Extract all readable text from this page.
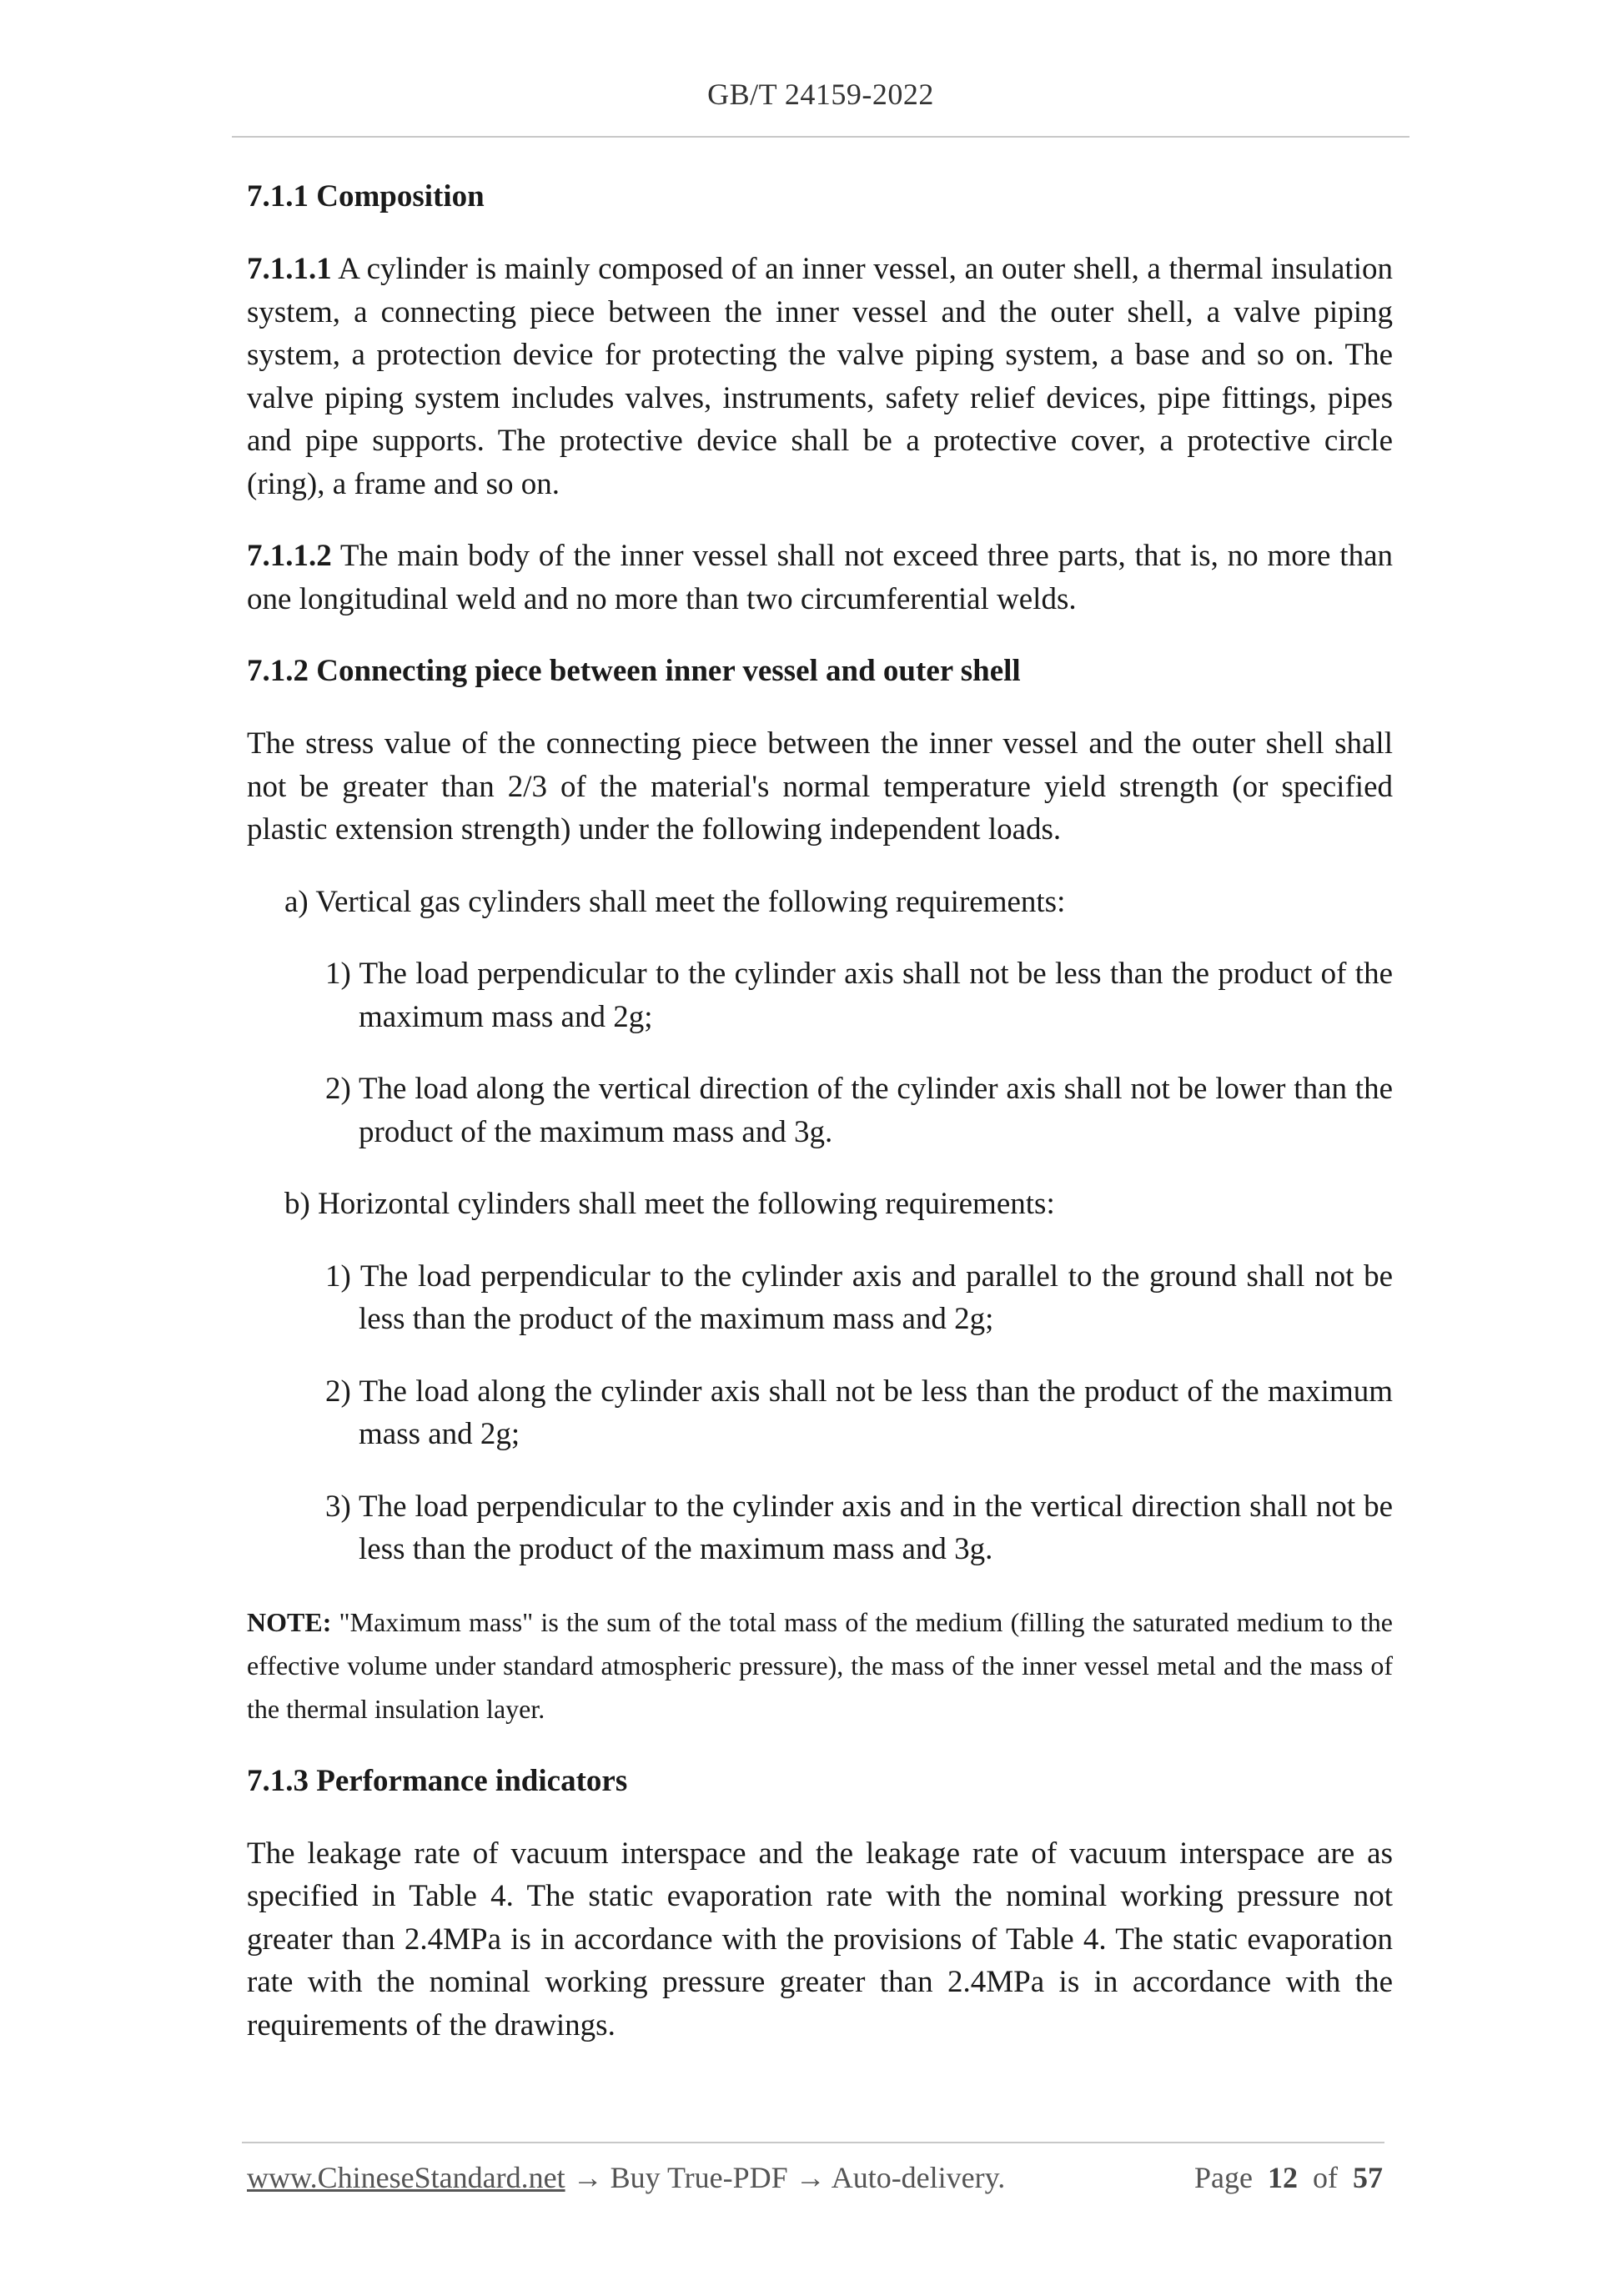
GB/T 24159-2022
7.1.1 Composition

7.1.1.1 A cylinder is mainly composed of an inner vessel, an outer shell, a thermal insulation system, a connecting piece between the inner vessel and the outer shell, a valve piping system, a protection device for protecting the valve piping system, a base and so on. The valve piping system includes valves, instruments, safety relief devices, pipe fittings, pipes and pipe supports. The protective device shall be a protective cover, a protective circle (ring), a frame and so on.

7.1.1.2 The main body of the inner vessel shall not exceed three parts, that is, no more than one longitudinal weld and no more than two circumferential welds.

7.1.2 Connecting piece between inner vessel and outer shell

The stress value of the connecting piece between the inner vessel and the outer shell shall not be greater than 2/3 of the material's normal temperature yield strength (or specified plastic extension strength) under the following independent loads.

a) Vertical gas cylinders shall meet the following requirements:
1) The load perpendicular to the cylinder axis shall not be less than the product of the maximum mass and 2g;
2) The load along the vertical direction of the cylinder axis shall not be lower than the product of the maximum mass and 3g.
b) Horizontal cylinders shall meet the following requirements:
1) The load perpendicular to the cylinder axis and parallel to the ground shall not be less than the product of the maximum mass and 2g;
2) The load along the cylinder axis shall not be less than the product of the maximum mass and 2g;
3) The load perpendicular to the cylinder axis and in the vertical direction shall not be less than the product of the maximum mass and 3g.

NOTE: "Maximum mass" is the sum of the total mass of the medium (filling the saturated medium to the effective volume under standard atmospheric pressure), the mass of the inner vessel metal and the mass of the thermal insulation layer.

7.1.3 Performance indicators

The leakage rate of vacuum interspace and the leakage rate of vacuum interspace are as specified in Table 4. The static evaporation rate with the nominal working pressure not greater than 2.4MPa is in accordance with the provisions of Table 4. The static evaporation rate with the nominal working pressure greater than 2.4MPa is in accordance with the requirements of the drawings.

www.ChineseStandard.net → Buy True-PDF → Auto-delivery.	Page 12 of 57
